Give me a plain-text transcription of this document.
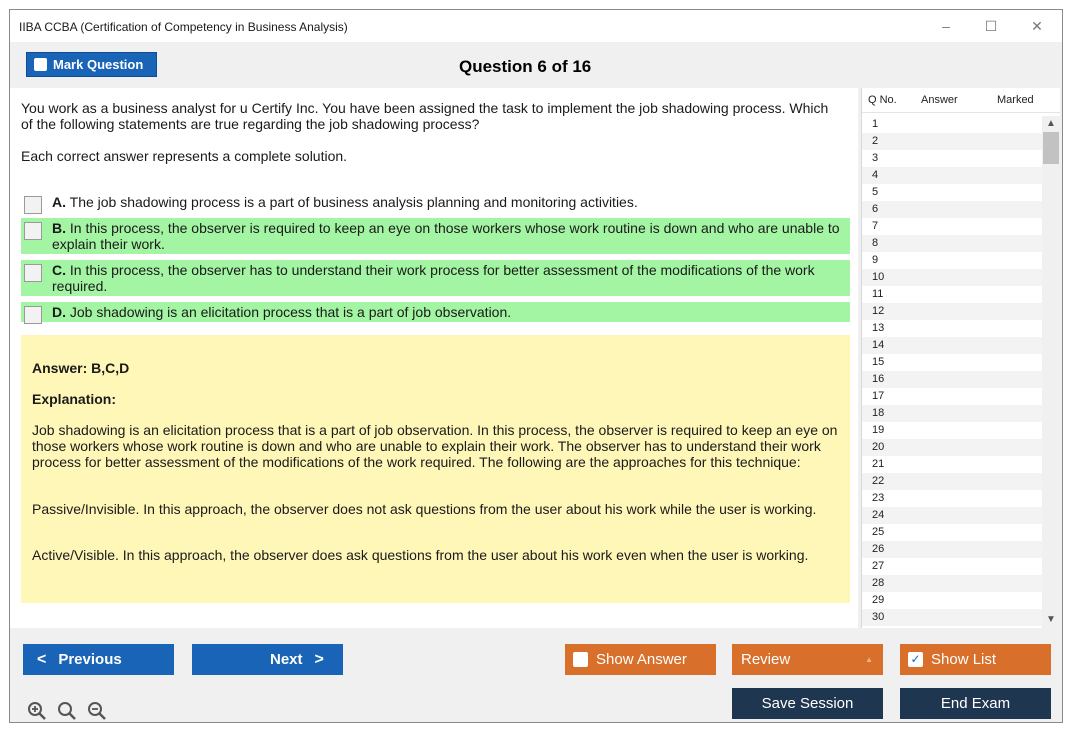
IIBA CCBA (Certification of Competency in Business Analysis)	–	☐	✕
Mark Question	Question 6 of 16
You work as a business analyst for u Certify Inc. You have been assigned the task to implement the job shadowing process. Which of the following statements are true regarding the job shadowing process?
Each correct answer represents a complete solution.
A. The job shadowing process is a part of business analysis planning and monitoring activities.
B. In this process, the observer is required to keep an eye on those workers whose work routine is down and who are unable to explain their work.
C. In this process, the observer has to understand their work process for better assessment of the modifications of the work required.
D. Job shadowing is an elicitation process that is a part of job observation.
Answer: B,C,D
Explanation:
Job shadowing is an elicitation process that is a part of job observation. In this process, the observer is required to keep an eye on those workers whose work routine is down and who are unable to explain their work. The observer has to understand their work process for better assessment of the modifications of the work required. The following are the approaches for this technique:
Passive/Invisible. In this approach, the observer does not ask questions from the user about his work while the user is working.
Active/Visible. In this approach, the observer does ask questions from the user about his work even when the user is working.
Q No. Answer	Marked
1
2
3
4
5
6
7
8
9
10
11
12
13
14
15
16
17
18
19
20
21
22
23
24
25
26
27
28
29
30
▲
▼
< Previous	Next >	Show Answer	Review	▲	✓ Show List
Save Session	End Exam
